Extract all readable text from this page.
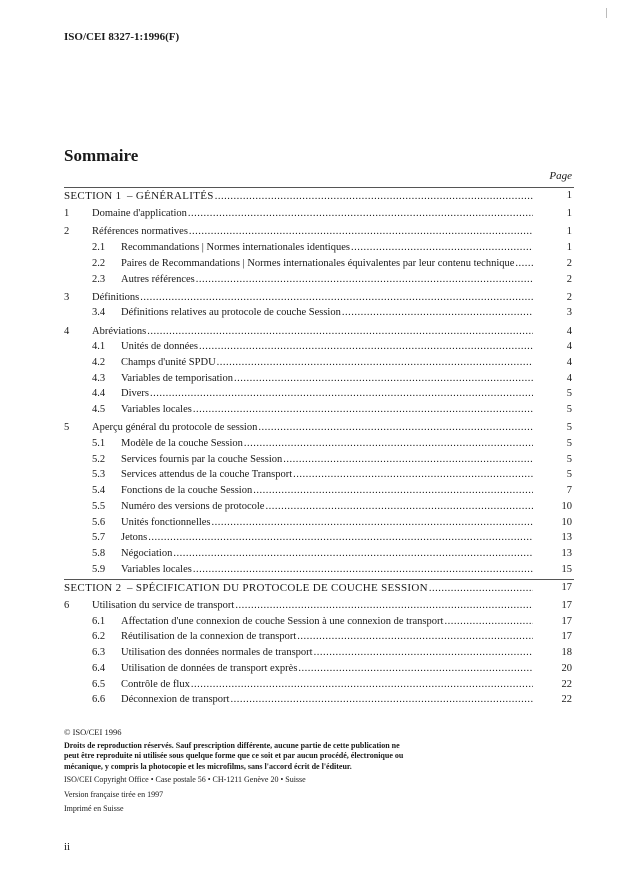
ISO/CEI 8327-1:1996(F)
Sommaire
Page
SECTION 1 – GÉNÉRALITÉS .....	1
1 Domaine d'application .....	1
2 Références normatives .....	1
2.1 Recommandations | Normes internationales identiques .....	1
2.2 Paires de Recommandations | Normes internationales équivalentes par leur contenu technique .....	2
2.3 Autres références .....	2
3 Définitions .....	2
3.4 Définitions relatives au protocole de couche Session .....	3
4 Abréviations .....	4
4.1 Unités de données .....	4
4.2 Champs d'unité SPDU .....	4
4.3 Variables de temporisation .....	4
4.4 Divers .....	5
4.5 Variables locales .....	5
5 Aperçu général du protocole de session .....	5
5.1 Modèle de la couche Session .....	5
5.2 Services fournis par la couche Session .....	5
5.3 Services attendus de la couche Transport .....	5
5.4 Fonctions de la couche Session .....	7
5.5 Numéro des versions de protocole .....	10
5.6 Unités fonctionnelles .....	10
5.7 Jetons .....	13
5.8 Négociation .....	13
5.9 Variables locales .....	15
SECTION 2 – SPÉCIFICATION DU PROTOCOLE DE COUCHE SESSION .....	17
6 Utilisation du service de transport .....	17
6.1 Affectation d'une connexion de couche Session à une connexion de transport .....	17
6.2 Réutilisation de la connexion de transport .....	17
6.3 Utilisation des données normales de transport .....	18
6.4 Utilisation de données de transport exprès .....	20
6.5 Contrôle de flux .....	22
6.6 Déconnexion de transport .....	22
© ISO/CEI 1996
Droits de reproduction réservés. Sauf prescription différente, aucune partie de cette publication ne peut être reproduite ni utilisée sous quelque forme que ce soit et par aucun procédé, électronique ou mécanique, y compris la photocopie et les microfilms, sans l'accord écrit de l'éditeur.
ISO/CEI Copyright Office • Case postale 56 • CH-1211 Genève 20 • Suisse
Version française tirée en 1997
Imprimé en Suisse
ii
